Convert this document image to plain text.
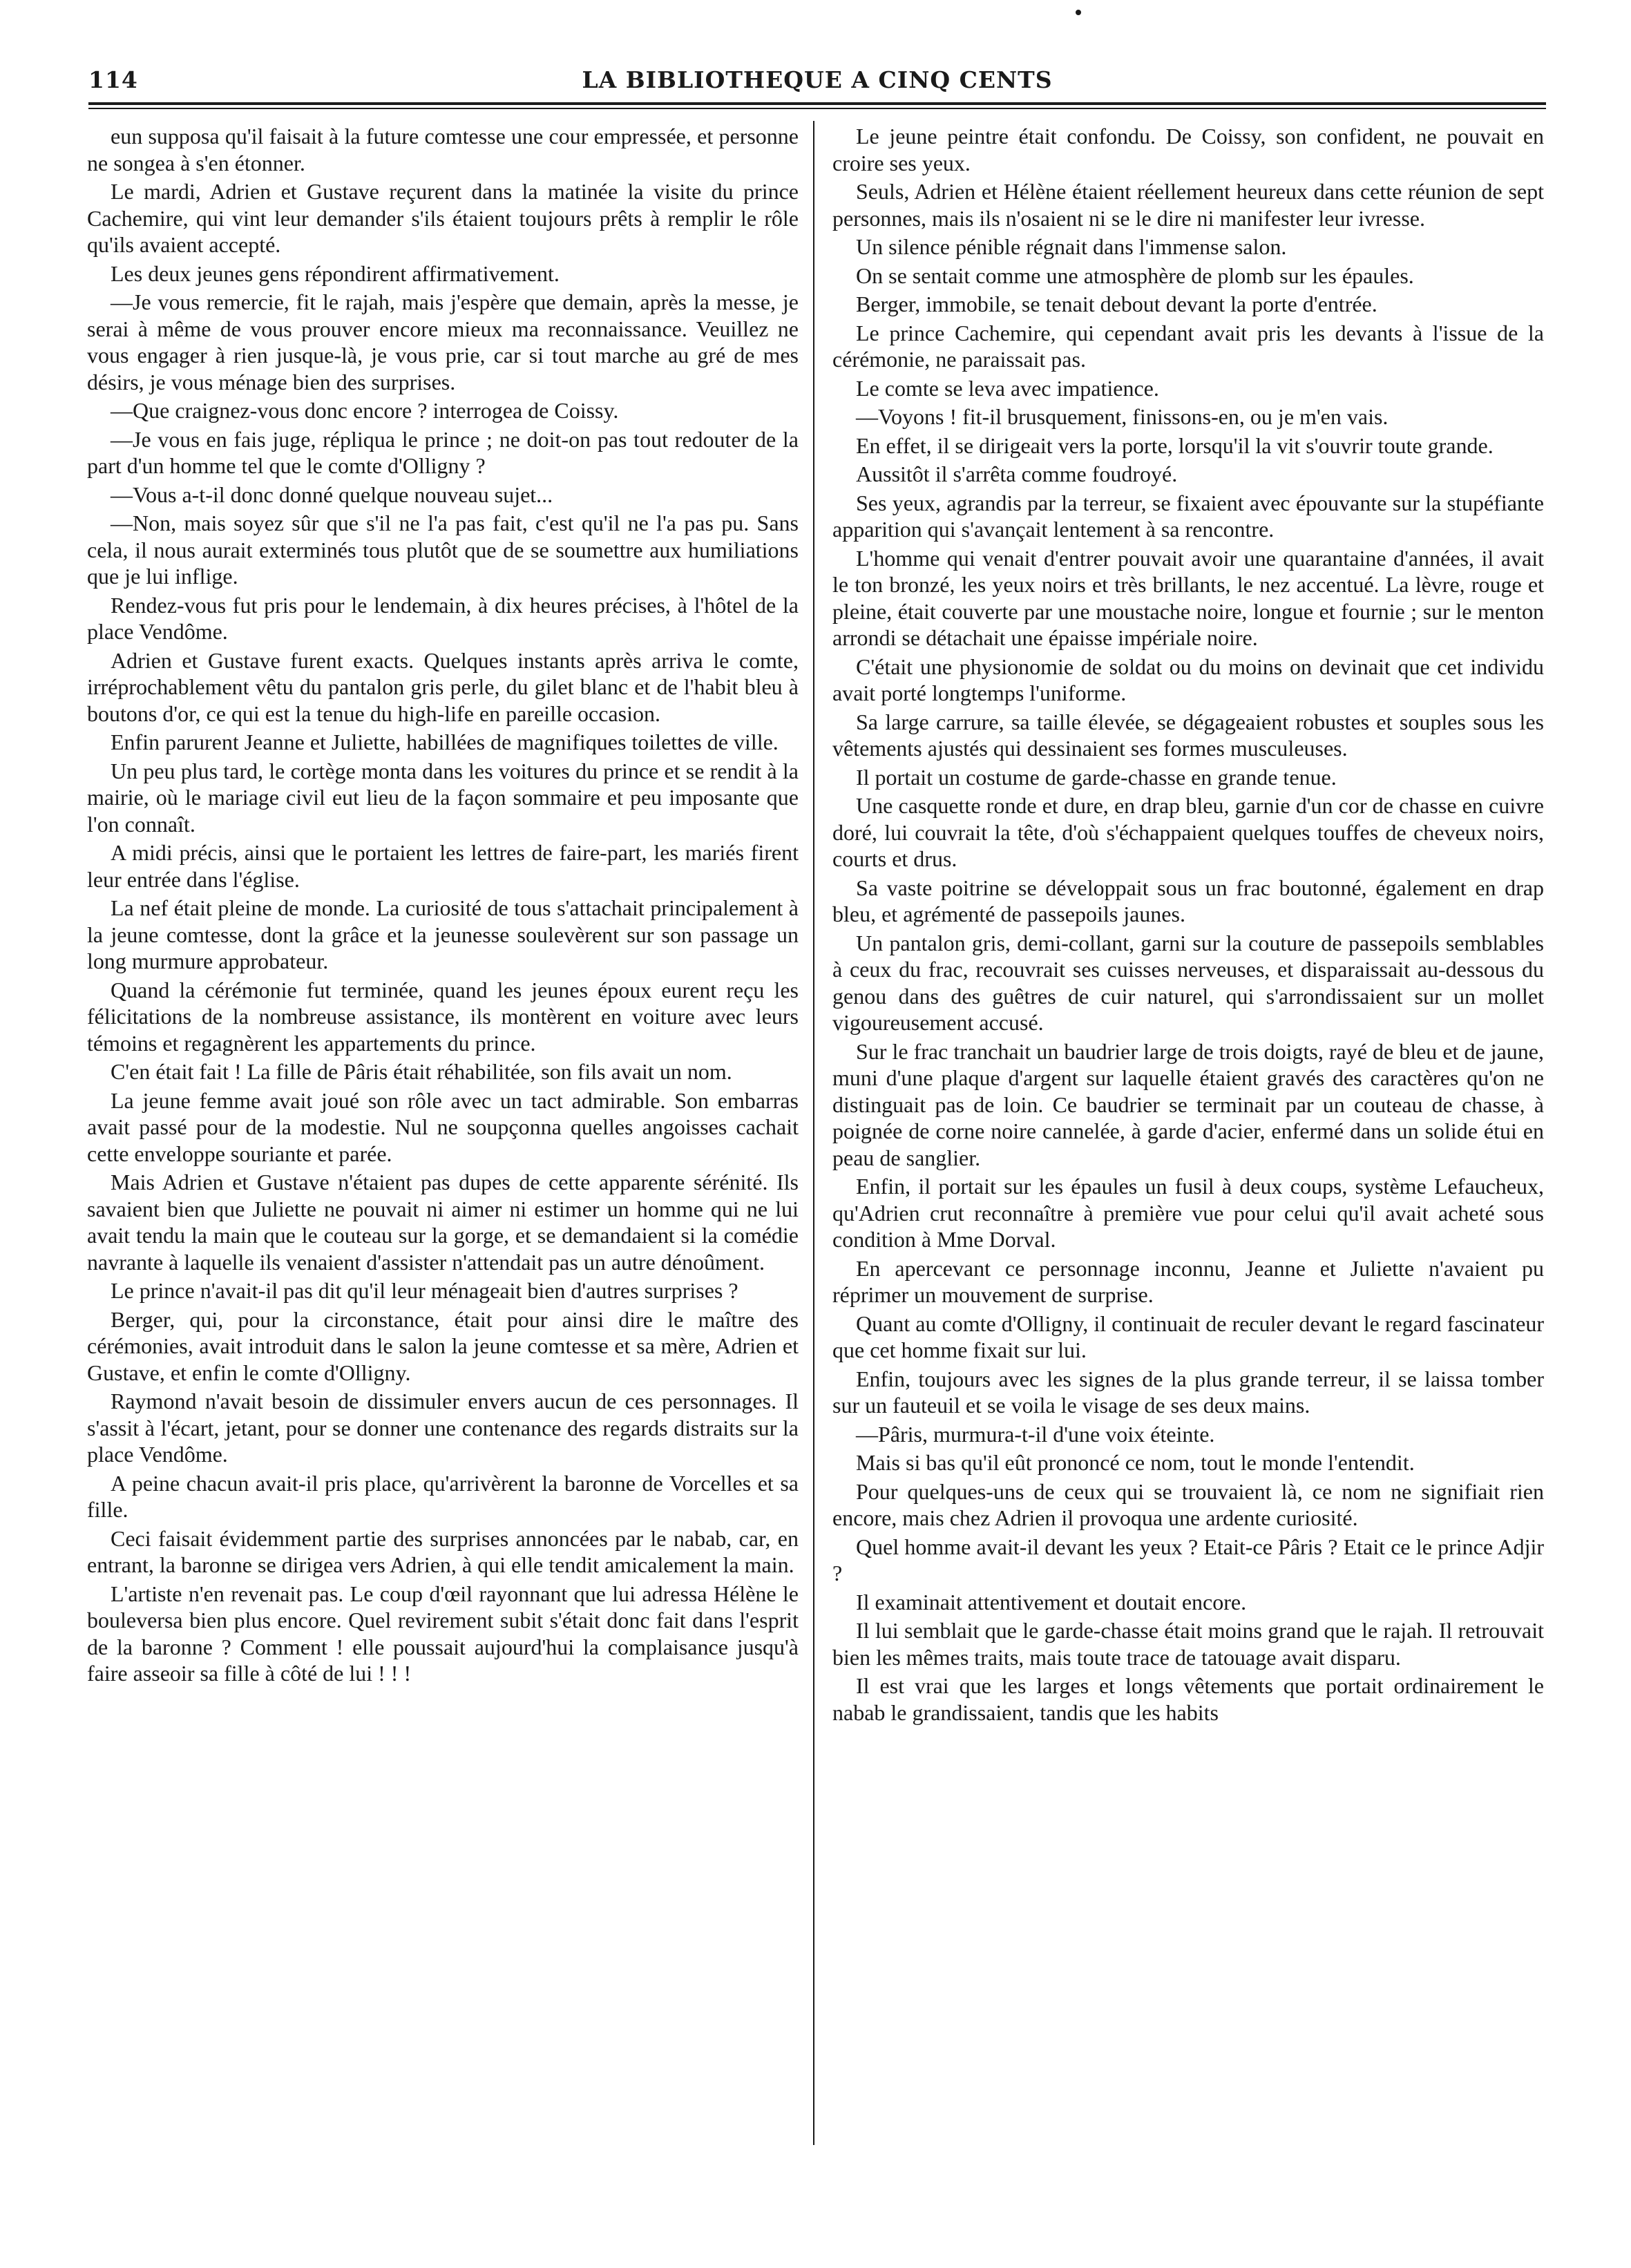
114	LA BIBLIOTHEQUE A CINQ CENTS

eun supposa qu'il faisait à la future comtesse une cour empressée, et personne ne songea à s'en étonner.

Le mardi, Adrien et Gustave reçurent dans la matinée la visite du prince Cachemire, qui vint leur demander s'ils étaient toujours prêts à remplir le rôle qu'ils avaient accepté.

Les deux jeunes gens répondirent affirmativement.

—Je vous remercie, fit le rajah, mais j'espère que demain, après la messe, je serai à même de vous prouver encore mieux ma reconnaissance. Veuillez ne vous engager à rien jusque-là, je vous prie, car si tout marche au gré de mes désirs, je vous ménage bien des surprises.

—Que craignez-vous donc encore ? interrogea de Coissy.

—Je vous en fais juge, répliqua le prince ; ne doit-on pas tout redouter de la part d'un homme tel que le comte d'Olligny ?

—Vous a-t-il donc donné quelque nouveau sujet...

—Non, mais soyez sûr que s'il ne l'a pas fait, c'est qu'il ne l'a pas pu. Sans cela, il nous aurait exterminés tous plutôt que de se soumettre aux humiliations que je lui inflige.

Rendez-vous fut pris pour le lendemain, à dix heures précises, à l'hôtel de la place Vendôme.

Adrien et Gustave furent exacts. Quelques instants après arriva le comte, irréprochablement vêtu du pantalon gris perle, du gilet blanc et de l'habit bleu à boutons d'or, ce qui est la tenue du high-life en pareille occasion.

Enfin parurent Jeanne et Juliette, habillées de magnifiques toilettes de ville.

Un peu plus tard, le cortège monta dans les voitures du prince et se rendit à la mairie, où le mariage civil eut lieu de la façon sommaire et peu imposante que l'on connaît.

A midi précis, ainsi que le portaient les lettres de faire-part, les mariés firent leur entrée dans l'église.

La nef était pleine de monde. La curiosité de tous s'attachait principalement à la jeune comtesse, dont la grâce et la jeunesse soulevèrent sur son passage un long murmure approbateur.

Quand la cérémonie fut terminée, quand les jeunes époux eurent reçu les félicitations de la nombreuse assistance, ils montèrent en voiture avec leurs témoins et regagnèrent les appartements du prince.

C'en était fait ! La fille de Pâris était réhabilitée, son fils avait un nom.

La jeune femme avait joué son rôle avec un tact admirable. Son embarras avait passé pour de la modestie. Nul ne soupçonna quelles angoisses cachait cette enveloppe souriante et parée.

Mais Adrien et Gustave n'étaient pas dupes de cette apparente sérénité. Ils savaient bien que Juliette ne pouvait ni aimer ni estimer un homme qui ne lui avait tendu la main que le couteau sur la gorge, et se demandaient si la comédie navrante à laquelle ils venaient d'assister n'attendait pas un autre dénoûment.

Le prince n'avait-il pas dit qu'il leur ménageait bien d'autres surprises ?

Berger, qui, pour la circonstance, était pour ainsi dire le maître des cérémonies, avait introduit dans le salon la jeune comtesse et sa mère, Adrien et Gustave, et enfin le comte d'Olligny.

Raymond n'avait besoin de dissimuler envers aucun de ces personnages. Il s'assit à l'écart, jetant, pour se donner une contenance des regards distraits sur la place Vendôme.

A peine chacun avait-il pris place, qu'arrivèrent la baronne de Vorcelles et sa fille.

Ceci faisait évidemment partie des surprises annoncées par le nabab, car, en entrant, la baronne se dirigea vers Adrien, à qui elle tendit amicalement la main.

L'artiste n'en revenait pas. Le coup d'œil rayonnant que lui adressa Hélène le bouleversa bien plus encore. Quel revirement subit s'était donc fait dans l'esprit de la baronne ? Comment ! elle poussait aujourd'hui la complaisance jusqu'à faire asseoir sa fille à côté de lui ! ! !

Le jeune peintre était confondu. De Coissy, son confident, ne pouvait en croire ses yeux.

Seuls, Adrien et Hélène étaient réellement heureux dans cette réunion de sept personnes, mais ils n'osaient ni se le dire ni manifester leur ivresse.

Un silence pénible régnait dans l'immense salon.

On se sentait comme une atmosphère de plomb sur les épaules.

Berger, immobile, se tenait debout devant la porte d'entrée.

Le prince Cachemire, qui cependant avait pris les devants à l'issue de la cérémonie, ne paraissait pas.

Le comte se leva avec impatience.

—Voyons ! fit-il brusquement, finissons-en, ou je m'en vais.

En effet, il se dirigeait vers la porte, lorsqu'il la vit s'ouvrir toute grande.

Aussitôt il s'arrêta comme foudroyé.

Ses yeux, agrandis par la terreur, se fixaient avec épouvante sur la stupéfiante apparition qui s'avançait lentement à sa rencontre.

L'homme qui venait d'entrer pouvait avoir une quarantaine d'années, il avait le ton bronzé, les yeux noirs et très brillants, le nez accentué. La lèvre, rouge et pleine, était couverte par une moustache noire, longue et fournie ; sur le menton arrondi se détachait une épaisse impériale noire.

C'était une physionomie de soldat ou du moins on devinait que cet individu avait porté longtemps l'uniforme.

Sa large carrure, sa taille élevée, se dégageaient robustes et souples sous les vêtements ajustés qui dessinaient ses formes musculeuses.

Il portait un costume de garde-chasse en grande tenue.

Une casquette ronde et dure, en drap bleu, garnie d'un cor de chasse en cuivre doré, lui couvrait la tête, d'où s'échappaient quelques touffes de cheveux noirs, courts et drus.

Sa vaste poitrine se développait sous un frac boutonné, également en drap bleu, et agrémenté de passepoils jaunes.

Un pantalon gris, demi-collant, garni sur la couture de passepoils semblables à ceux du frac, recouvrait ses cuisses nerveuses, et disparaissait au-dessous du genou dans des guêtres de cuir naturel, qui s'arrondissaient sur un mollet vigoureusement accusé.

Sur le frac tranchait un baudrier large de trois doigts, rayé de bleu et de jaune, muni d'une plaque d'argent sur laquelle étaient gravés des caractères qu'on ne distinguait pas de loin. Ce baudrier se terminait par un couteau de chasse, à poignée de corne noire cannelée, à garde d'acier, enfermé dans un solide étui en peau de sanglier.

Enfin, il portait sur les épaules un fusil à deux coups, système Lefaucheux, qu'Adrien crut reconnaître à première vue pour celui qu'il avait acheté sous condition à Mme Dorval.

En apercevant ce personnage inconnu, Jeanne et Juliette n'avaient pu réprimer un mouvement de surprise.

Quant au comte d'Olligny, il continuait de reculer devant le regard fascinateur que cet homme fixait sur lui.

Enfin, toujours avec les signes de la plus grande terreur, il se laissa tomber sur un fauteuil et se voila le visage de ses deux mains.

—Pâris, murmura-t-il d'une voix éteinte.

Mais si bas qu'il eût prononcé ce nom, tout le monde l'entendit.

Pour quelques-uns de ceux qui se trouvaient là, ce nom ne signifiait rien encore, mais chez Adrien il provoqua une ardente curiosité.

Quel homme avait-il devant les yeux ? Etait-ce Pâris ? Etait ce le prince Adjir ?

Il examinait attentivement et doutait encore.

Il lui semblait que le garde-chasse était moins grand que le rajah. Il retrouvait bien les mêmes traits, mais toute trace de tatouage avait disparu.

Il est vrai que les larges et longs vêtements que portait ordinairement le nabab le grandissaient, tandis que les habits
